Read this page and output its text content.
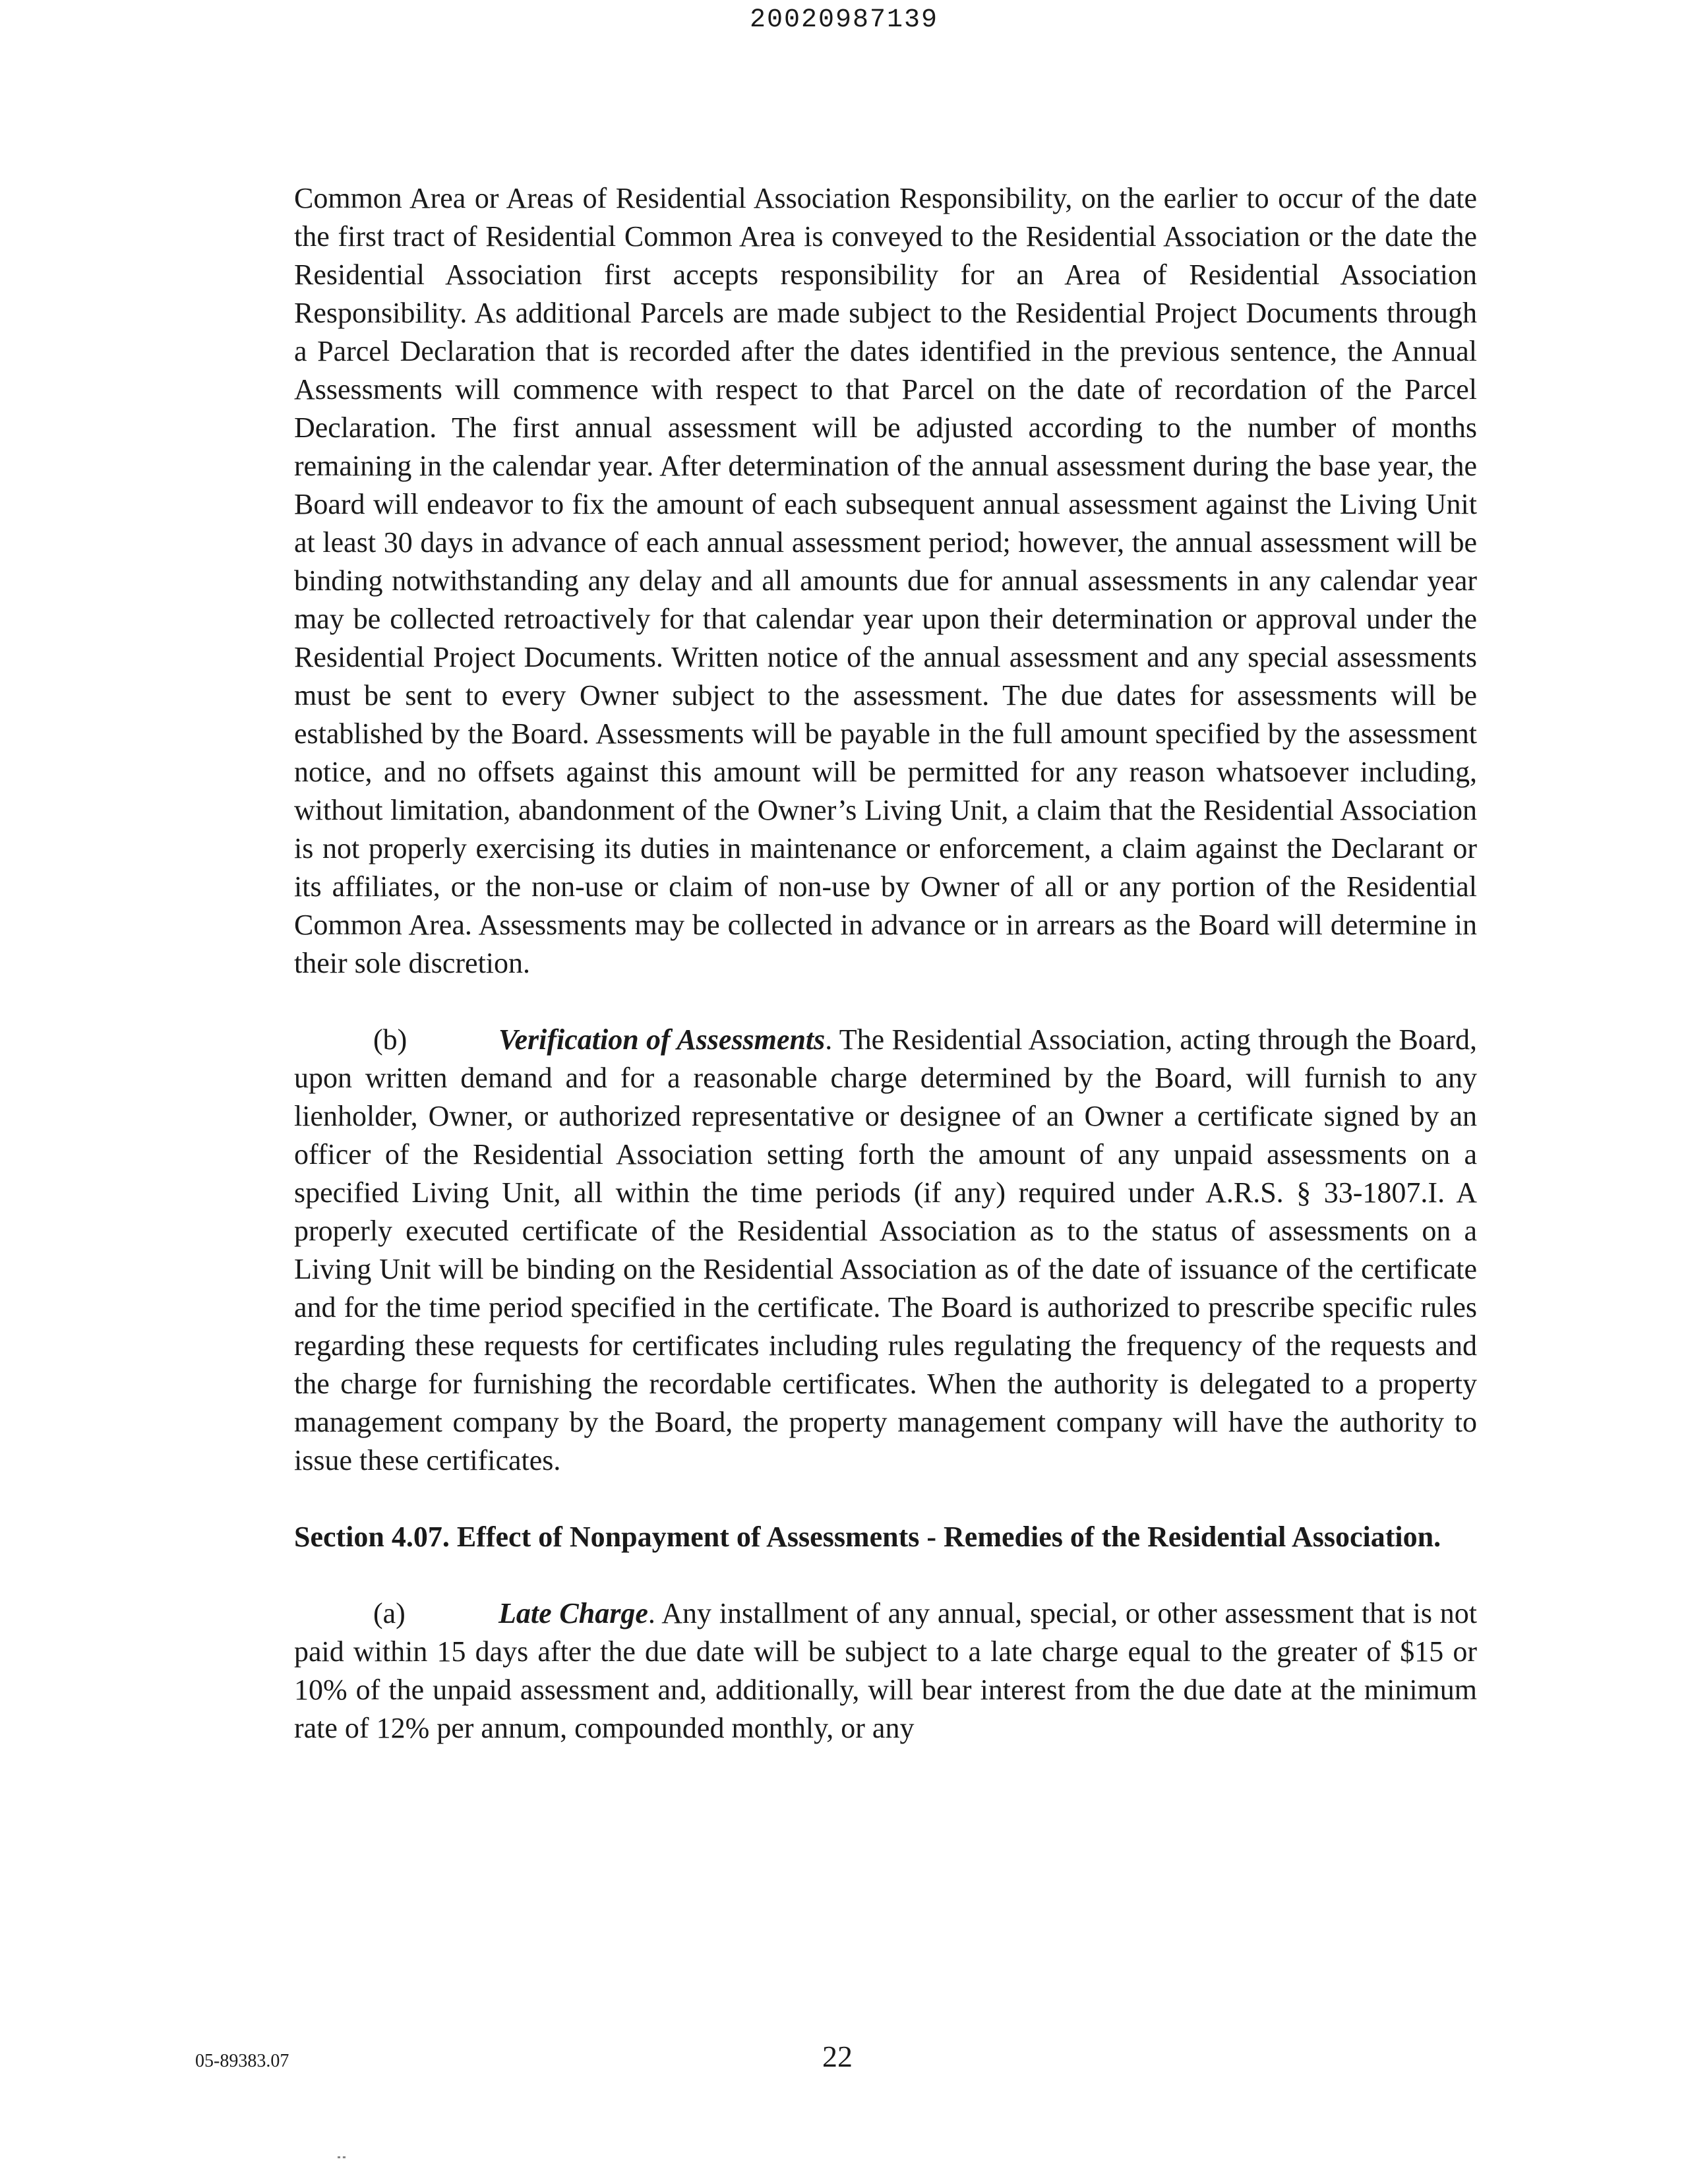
20020987139

Common Area or Areas of Residential Association Responsibility, on the earlier to occur of the date the first tract of Residential Common Area is conveyed to the Residential Association or the date the Residential Association first accepts responsibility for an Area of Residential Association Responsibility. As additional Parcels are made subject to the Residential Project Documents through a Parcel Declaration that is recorded after the dates identified in the previous sentence, the Annual Assessments will commence with respect to that Parcel on the date of recordation of the Parcel Declaration. The first annual assessment will be adjusted according to the number of months remaining in the calendar year. After determination of the annual assessment during the base year, the Board will endeavor to fix the amount of each subsequent annual assessment against the Living Unit at least 30 days in advance of each annual assessment period; however, the annual assessment will be binding notwithstanding any delay and all amounts due for annual assessments in any calendar year may be collected retroactively for that calendar year upon their determination or approval under the Residential Project Documents. Written notice of the annual assessment and any special assessments must be sent to every Owner subject to the assessment. The due dates for assessments will be established by the Board. Assessments will be payable in the full amount specified by the assessment notice, and no offsets against this amount will be permitted for any reason whatsoever including, without limitation, abandonment of the Owner’s Living Unit, a claim that the Residential Association is not properly exercising its duties in maintenance or enforcement, a claim against the Declarant or its affiliates, or the non-use or claim of non-use by Owner of all or any portion of the Residential Common Area. Assessments may be collected in advance or in arrears as the Board will determine in their sole discretion.

(b)	Verification of Assessments. The Residential Association, acting through the Board, upon written demand and for a reasonable charge determined by the Board, will furnish to any lienholder, Owner, or authorized representative or designee of an Owner a certificate signed by an officer of the Residential Association setting forth the amount of any unpaid assessments on a specified Living Unit, all within the time periods (if any) required under A.R.S. § 33-1807.I. A properly executed certificate of the Residential Association as to the status of assessments on a Living Unit will be binding on the Residential Association as of the date of issuance of the certificate and for the time period specified in the certificate. The Board is authorized to prescribe specific rules regarding these requests for certificates including rules regulating the frequency of the requests and the charge for furnishing the recordable certificates. When the authority is delegated to a property management company by the Board, the property management company will have the authority to issue these certificates.

Section 4.07. Effect of Nonpayment of Assessments - Remedies of the Residential Association.

(a)	Late Charge. Any installment of any annual, special, or other assessment that is not paid within 15 days after the due date will be subject to a late charge equal to the greater of $15 or 10% of the unpaid assessment and, additionally, will bear interest from the due date at the minimum rate of 12% per annum, compounded monthly, or any

05-89383.07	22
